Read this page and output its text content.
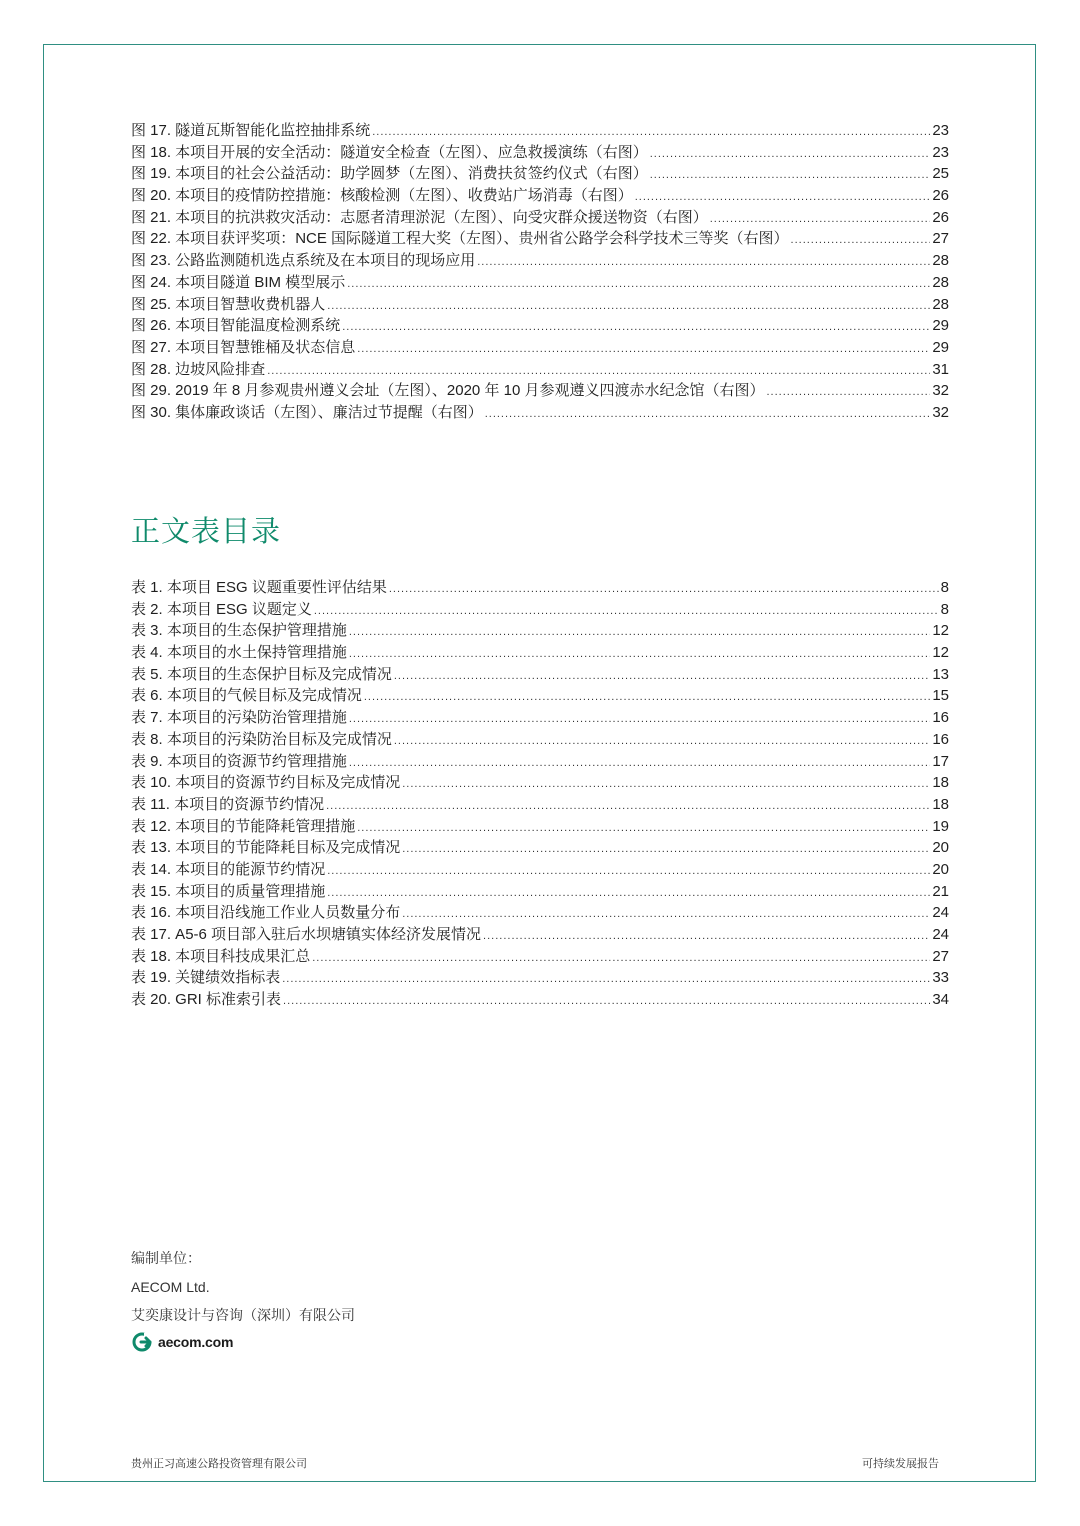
图 17. 隧道瓦斯智能化监控抽排系统 .....	23
图 18. 本项目开展的安全活动：隧道安全检查（左图）、应急救援演练（右图） .....	23
图 19. 本项目的社会公益活动：助学圆梦（左图）、消费扶贫签约仪式（右图） .....	25
图 20. 本项目的疫情防控措施：核酸检测（左图）、收费站广场消毒（右图） .....	26
图 21. 本项目的抗洪救灾活动：志愿者清理淤泥（左图）、向受灾群众援送物资（右图） .....	26
图 22. 本项目获评奖项：NCE 国际隧道工程大奖（左图）、贵州省公路学会科学技术三等奖（右图） .....	27
图 23. 公路监测随机选点系统及在本项目的现场应用 .....	28
图 24. 本项目隧道 BIM 模型展示 .....	28
图 25. 本项目智慧收费机器人 .....	28
图 26. 本项目智能温度检测系统 .....	29
图 27. 本项目智慧锥桶及状态信息 .....	29
图 28. 边坡风险排查 .....	31
图 29. 2019 年 8 月参观贵州遵义会址（左图）、2020 年 10 月参观遵义四渡赤水纪念馆（右图） .....	32
图 30. 集体廉政谈话（左图）、廉洁过节提醒（右图） .....	32
正文表目录
表 1. 本项目 ESG 议题重要性评估结果 .....	8
表 2. 本项目 ESG 议题定义 .....	8
表 3. 本项目的生态保护管理措施 .....	12
表 4. 本项目的水土保持管理措施 .....	12
表 5. 本项目的生态保护目标及完成情况 .....	13
表 6. 本项目的气候目标及完成情况 .....	15
表 7. 本项目的污染防治管理措施 .....	16
表 8. 本项目的污染防治目标及完成情况 .....	16
表 9. 本项目的资源节约管理措施 .....	17
表 10. 本项目的资源节约目标及完成情况 .....	18
表 11. 本项目的资源节约情况 .....	18
表 12. 本项目的节能降耗管理措施 .....	19
表 13. 本项目的节能降耗目标及完成情况 .....	20
表 14. 本项目的能源节约情况 .....	20
表 15. 本项目的质量管理措施 .....	21
表 16. 本项目沿线施工作业人员数量分布 .....	24
表 17. A5-6 项目部入驻后水坝塘镇实体经济发展情况 .....	24
表 18. 本项目科技成果汇总 .....	27
表 19. 关键绩效指标表 .....	33
表 20. GRI 标准索引表 .....	34
编制单位：
AECOM Ltd.
艾奕康设计与咨询（深圳）有限公司
aecom.com
贵州正习高速公路投资管理有限公司	可持续发展报告
